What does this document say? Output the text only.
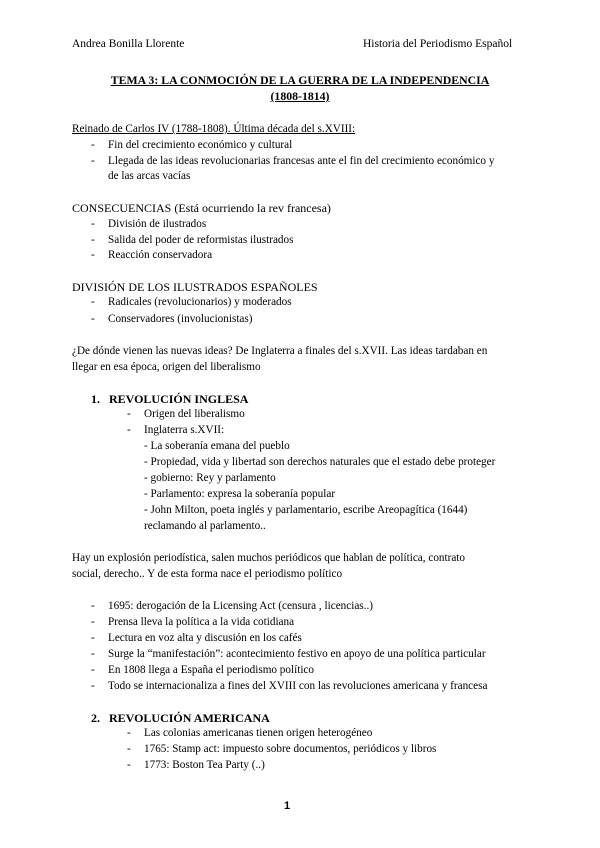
Andrea Bonilla Llorente	Historia del Periodismo Español
TEMA 3: LA CONMOCIÓN DE LA GUERRA DE LA INDEPENDENCIA
(1808-1814)
Reinado de Carlos IV (1788-1808). Última década del s.XVIII:
- Fin del crecimiento económico y cultural
- Llegada de las ideas revolucionarias francesas ante el fin del crecimiento económico y
de las arcas vacías
CONSECUENCIAS (Está ocurriendo la rev francesa)
- División de ilustrados
- Salida del poder de reformistas ilustrados
- Reacción conservadora
DIVISIÓN DE LOS ILUSTRADOS ESPAÑOLES
- Radicales (revolucionarios) y moderados
- Conservadores (involucionistas)
¿De dónde vienen las nuevas ideas? De Inglaterra a finales del s.XVII. Las ideas tardaban en
llegar en esa época, origen del liberalismo
1. REVOLUCIÓN INGLESA
- Origen del liberalismo
- Inglaterra s.XVII:
- La soberanía emana del pueblo
- Propiedad, vida y libertad son derechos naturales que el estado debe proteger
- gobierno: Rey y parlamento
- Parlamento: expresa la soberanía popular
- John Milton, poeta inglés y parlamentario, escribe Areopagítica (1644)
reclamando al parlamento..
Hay un explosión periodística, salen muchos periódicos que hablan de política, contrato
social, derecho.. Y de esta forma nace el periodismo político
- 1695: derogación de la Licensing Act (censura , licencias..)
- Prensa lleva la política a la vida cotidiana
- Lectura en voz alta y discusión en los cafés
- Surge la “manifestación”: acontecimiento festivo en apoyo de una política particular
- En 1808 llega a España el periodismo político
- Todo se internacionaliza a fines del XVIII con las revoluciones americana y francesa
2. REVOLUCIÓN AMERICANA
- Las colonias americanas tienen origen heterogéneo
- 1765: Stamp act: impuesto sobre documentos, periódicos y libros
- 1773: Boston Tea Party (..)
1
